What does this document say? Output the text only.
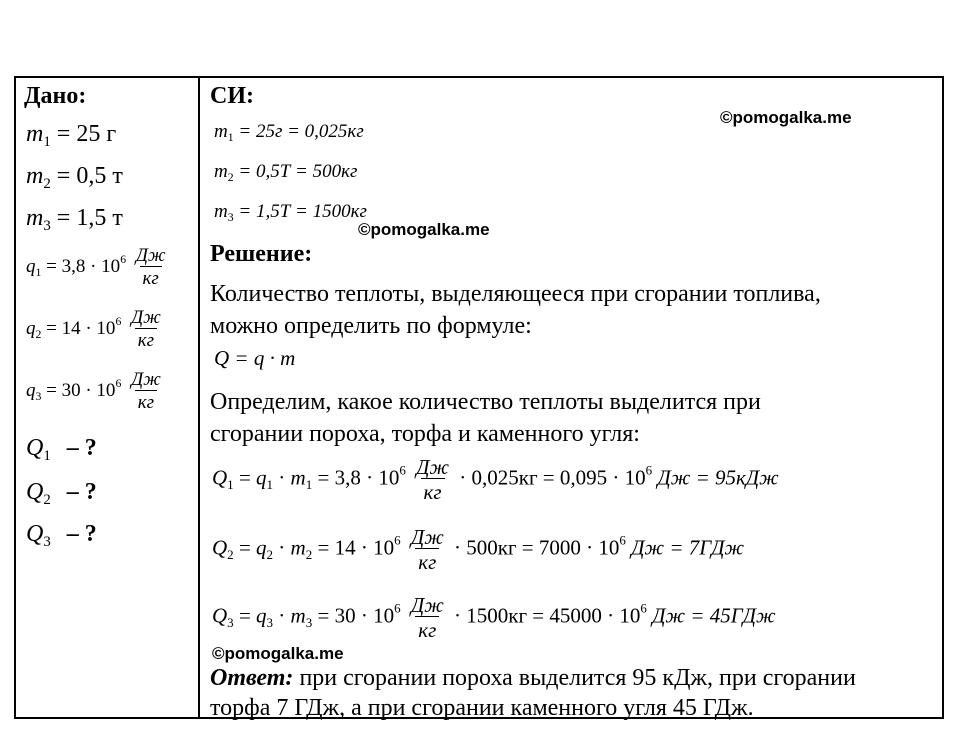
Дано:
$m_1 = 25$ г
$m_2 = 0,5$ т
$m_3 = 1,5$ т
$q_1 = 3,8 \cdot 10^6 \frac{Дж}{кг}$
$q_2 = 14 \cdot 10^6 \frac{Дж}{кг}$
$q_3 = 30 \cdot 10^6 \frac{Дж}{кг}$
$Q_1$ – ?
$Q_2$ – ?
$Q_3$ – ?
СИ:
$m_1 = 25г = 0,025кг$
$m_2 = 0,5Т = 500кг$
$m_3 = 1,5Т = 1500кг$
Решение:
Количество теплоты, выделяющееся при сгорании топлива,
можно определить по формуле:
Q = q · m
Определим, какое количество теплоты выделится при
сгорании пороха, торфа и каменного угля:
$Q_1 = q_1 \cdot m_1 = 3,8 \cdot 10^6 \frac{Дж}{кг} \cdot 0,025кг = 0,095 \cdot 10^6$ Дж = 95кДж
$Q_2 = q_2 \cdot m_2 = 14 \cdot 10^6 \frac{Дж}{кг} \cdot 500кг = 7000 \cdot 10^6$ Дж = 7ГДж
$Q_3 = q_3 \cdot m_3 = 30 \cdot 10^6 \frac{Дж}{кг} \cdot 1500кг = 45000 \cdot 10^6$ Дж = 45ГДж
Ответ: при сгорании пороха выделится 95 кДж, при сгорании
торфа 7 ГДж, а при сгорании каменного угля 45 ГДж.
©pomogalka.me
©pomogalka.me
©pomogalka.me
